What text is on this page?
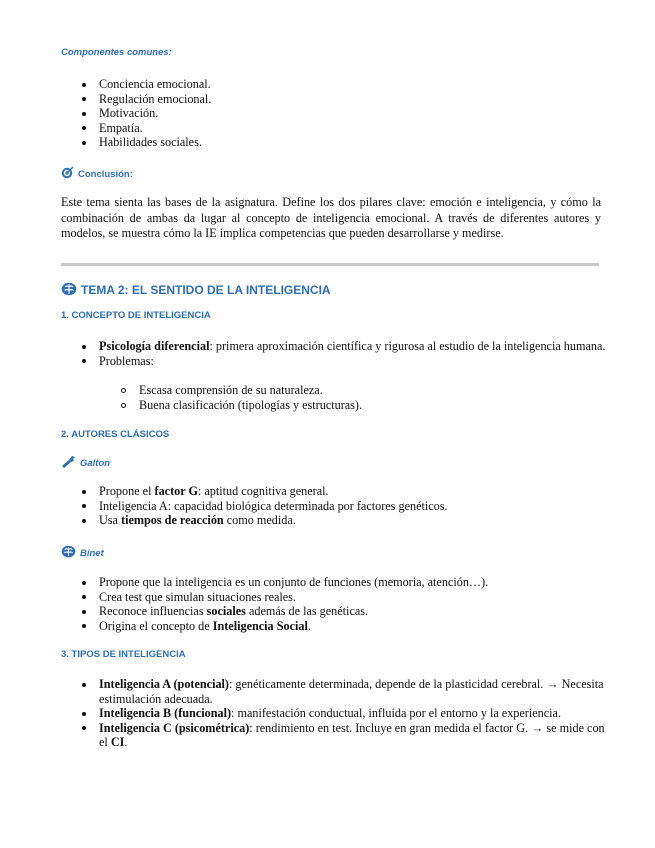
Componentes comunes:
Conciencia emocional.
Regulación emocional.
Motivación.
Empatía.
Habilidades sociales.
Conclusión:
Este tema sienta las bases de la asignatura. Define los dos pilares clave: emoción e inteligencia, y cómo la combinación de ambas da lugar al concepto de inteligencia emocional. A través de diferentes autores y modelos, se muestra cómo la IE implica competencias que pueden desarrollarse y medirse.
TEMA 2: EL SENTIDO DE LA INTELIGENCIA
1. CONCEPTO DE INTELIGENCIA
Psicología diferencial: primera aproximación científica y rigurosa al estudio de la inteligencia humana.
Problemas:
Escasa comprensión de su naturaleza.
Buena clasificación (tipologías y estructuras).
2. AUTORES CLÁSICOS
Galton
Propone el factor G: aptitud cognitiva general.
Inteligencia A: capacidad biológica determinada por factores genéticos.
Usa tiempos de reacción como medida.
Binet
Propone que la inteligencia es un conjunto de funciones (memoria, atención…).
Crea test que simulan situaciones reales.
Reconoce influencias sociales además de las genéticas.
Origina el concepto de Inteligencia Social.
3. TIPOS DE INTELIGENCIA
Inteligencia A (potencial): genéticamente determinada, depende de la plasticidad cerebral. → Necesita estimulación adecuada.
Inteligencia B (funcional): manifestación conductual, influida por el entorno y la experiencia.
Inteligencia C (psicométrica): rendimiento en test. Incluye en gran medida el factor G. → se mide con el CI.
